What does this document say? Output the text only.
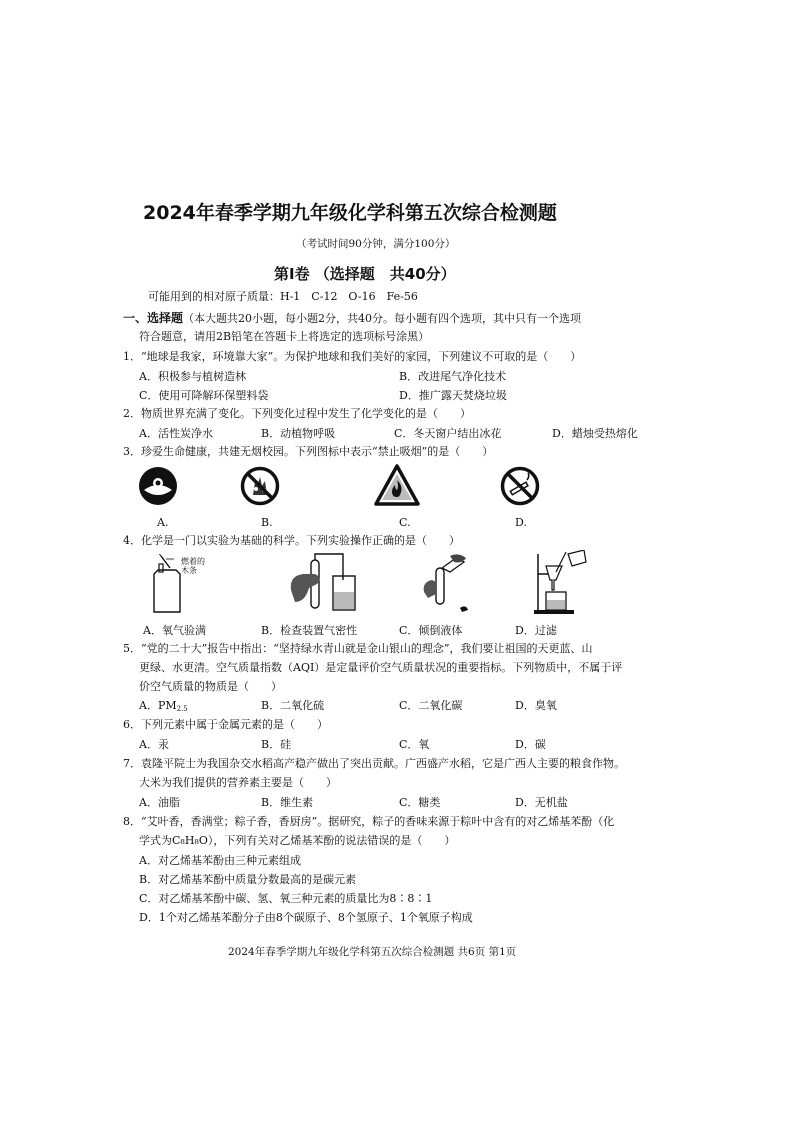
2024年春季学期九年级化学科第五次综合检测题
（考试时间90分钟，满分100分）
第Ⅰ卷 （选择题　共40分）
可能用到的相对原子质量：H-1　C-12　O-16　Fe-56
一、选择题（本大题共20小题，每小题2分，共40分。每小题有四个选项，其中只有一个选项
符合题意，请用2B铅笔在答题卡上将选定的选项标号涂黑）
1．“地球是我家，环境靠大家”。为保护地球和我们美好的家园，下列建议不可取的是（　　）
A．积极参与植树造林	B．改进尾气净化技术
C．使用可降解环保塑料袋	D．推广露天焚烧垃圾
2．物质世界充满了变化。下列变化过程中发生了化学变化的是（　　）
A．活性炭净水	B．动植物呼吸	C．冬天窗户结出冰花	D．蜡烛受热熔化
3．珍爱生命健康，共建无烟校园。下列图标中表示“禁止吸烟”的是（　　）
A.	B.	C.	D.
4．化学是一门以实验为基础的科学。下列实验操作正确的是（　　）
燃着的木条
A．氧气验满	B．检查装置气密性	C．倾倒液体	D．过滤
5．“党的二十大”报告中指出：“坚持绿水青山就是金山银山的理念”，我们要让祖国的天更蓝、山
更绿、水更清。空气质量指数（AQI）是定量评价空气质量状况的重要指标。下列物质中，不属于评
价空气质量的物质是（　　）
A．PM2.5	B．二氧化硫	C．二氧化碳	D．臭氧
6．下列元素中属于金属元素的是（　　）
A．汞	B．硅	C．氧	D．碳
7．袁隆平院士为我国杂交水稻高产稳产做出了突出贡献。广西盛产水稻，它是广西人主要的粮食作物。
大米为我们提供的营养素主要是（　　）
A．油脂	B．维生素	C．糖类	D．无机盐
8．“艾叶香，香满堂；粽子香，香厨房”。据研究，粽子的香味来源于粽叶中含有的对乙烯基苯酚（化
学式为C₈H₈O），下列有关对乙烯基苯酚的说法错误的是（　　）
A．对乙烯基苯酚由三种元素组成
B．对乙烯基苯酚中质量分数最高的是碳元素
C．对乙烯基苯酚中碳、氢、氧三种元素的质量比为8∶8∶1
D．1个对乙烯基苯酚分子由8个碳原子、8个氢原子、1个氧原子构成
2024年春季学期九年级化学科第五次综合检测题 共6页 第1页
